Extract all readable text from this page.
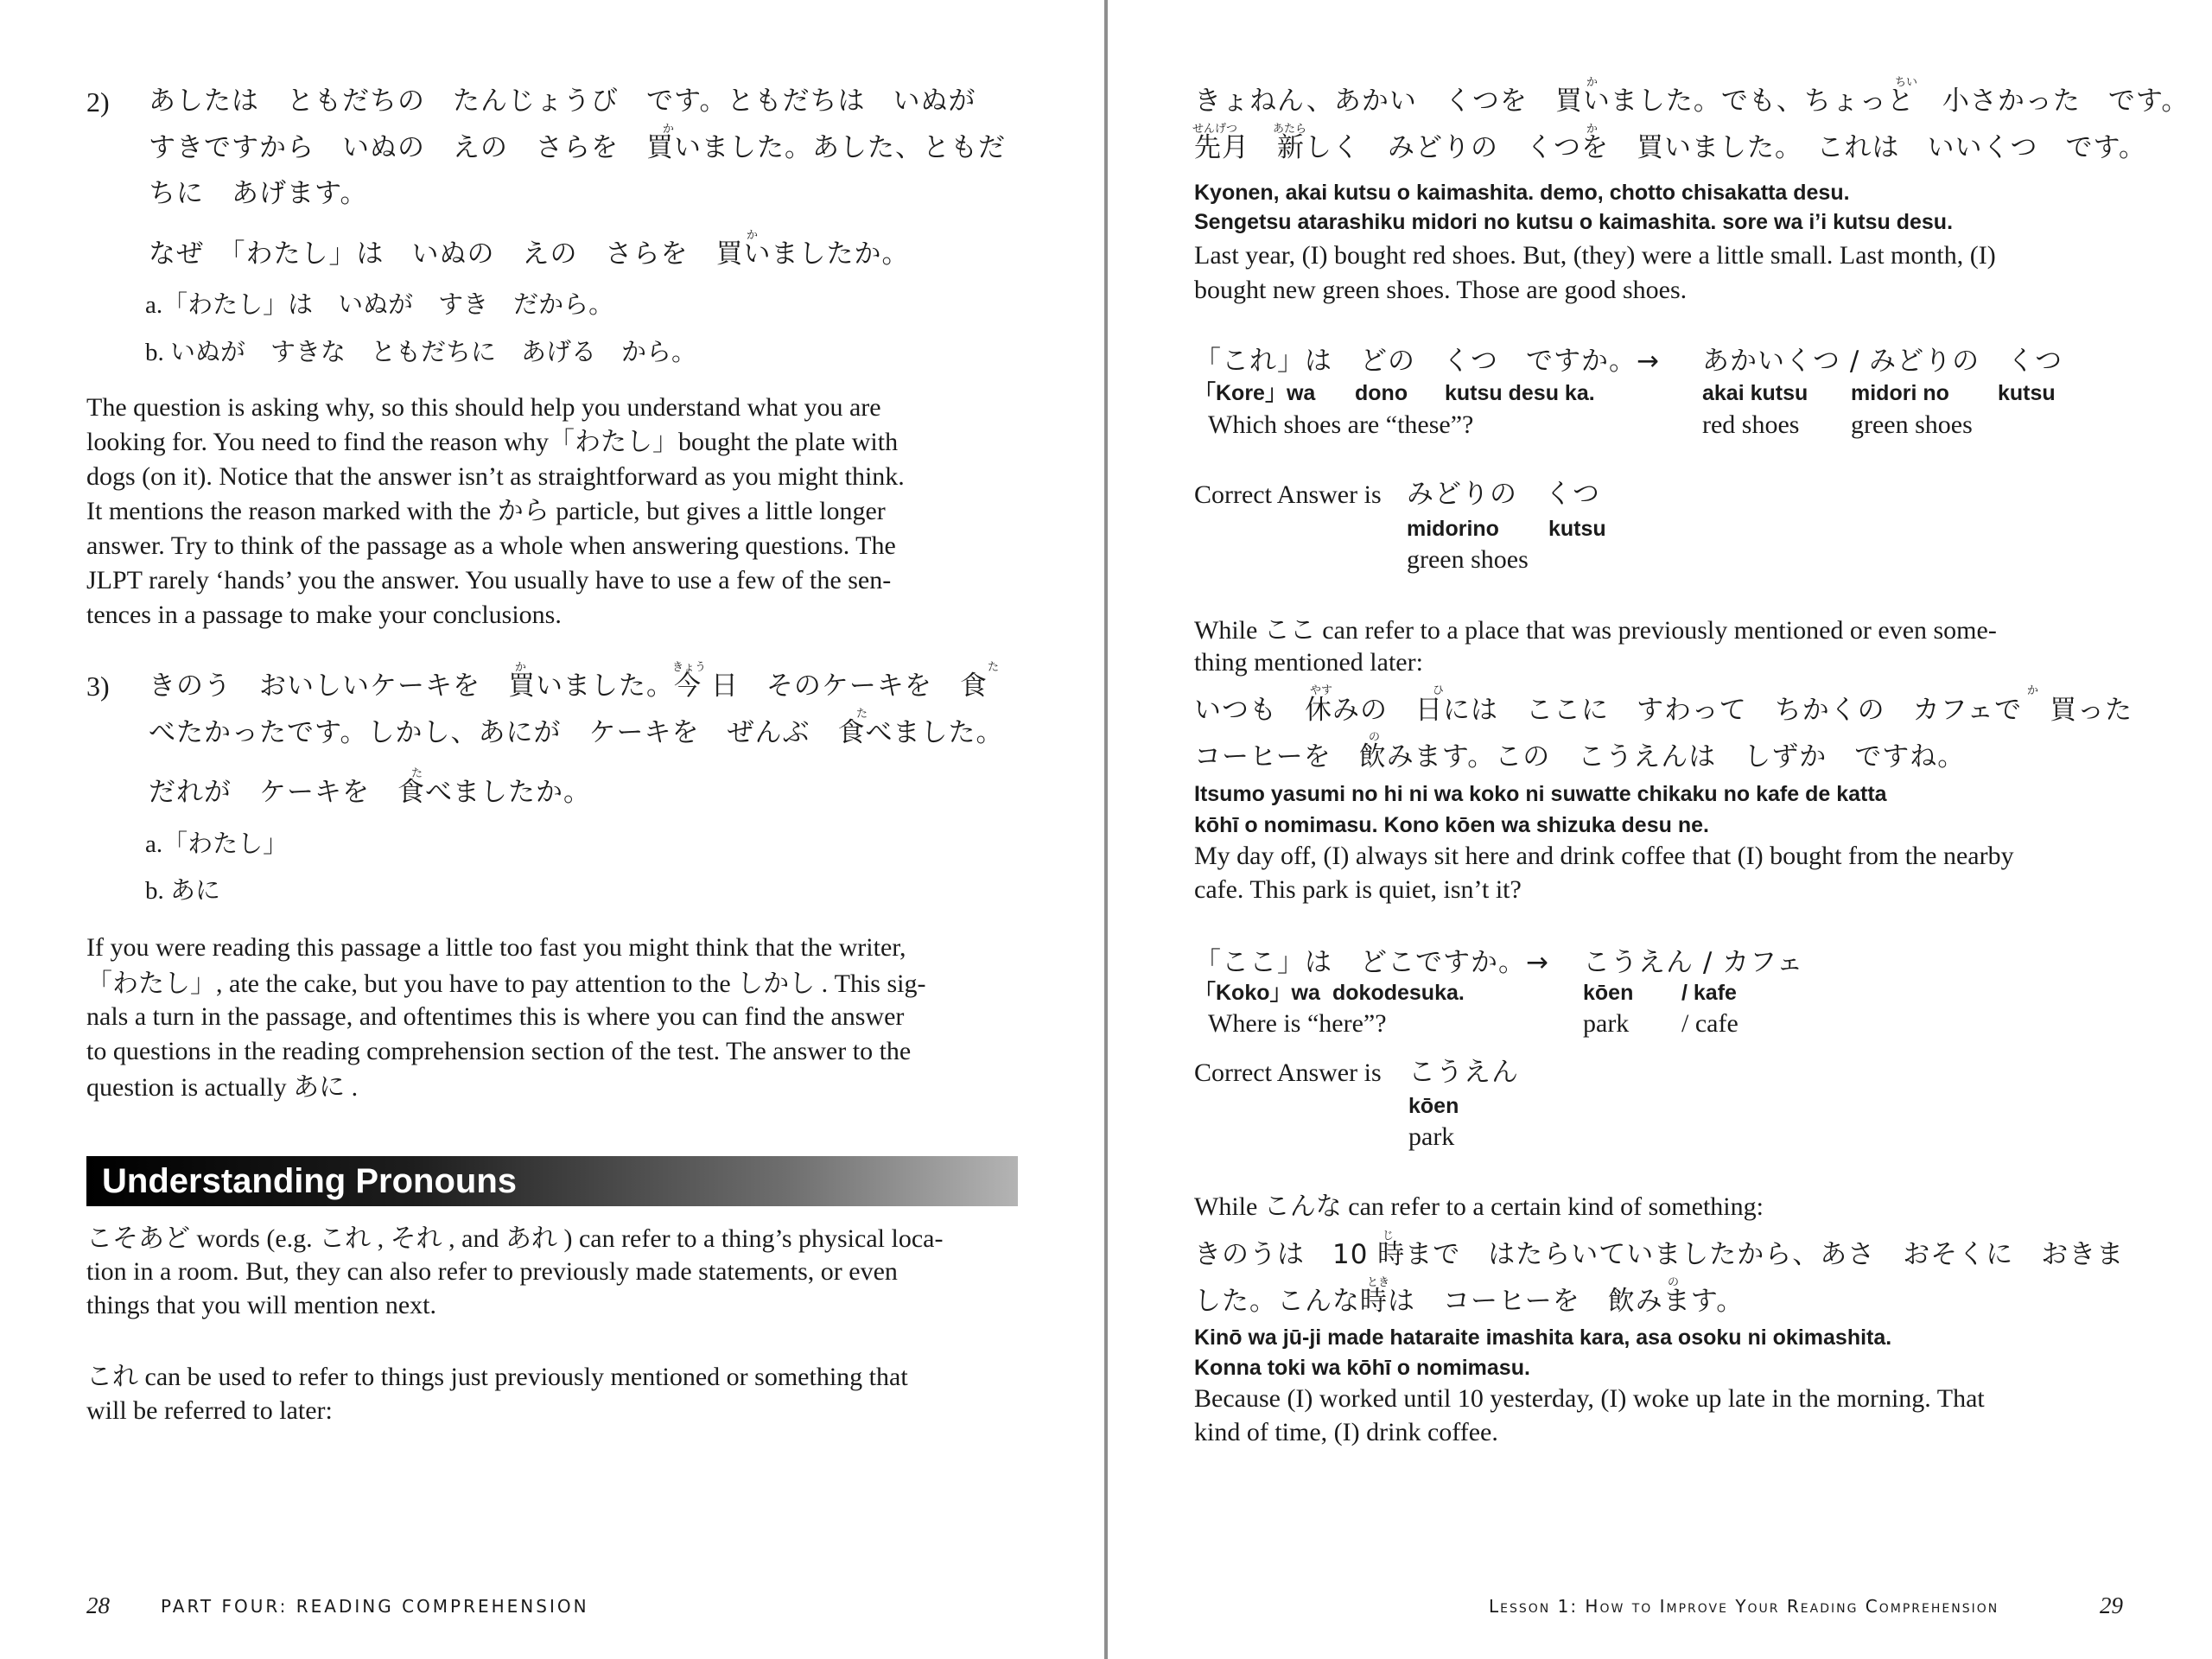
2)
か
あしたは　ともだちの　たんじょうび　です。ともだちは　いぬが
すきですから　いぬの　えの　さらを　買いました。あした、ともだ
ちに　あげます。
か
なぜ　「わたし」は　いぬの　えの　さらを　買いましたか。
a.「わたし」は　いぬが　すき　だから。
b. いぬが　すきな　ともだちに　あげる　から。
The question is asking why, so this should help you understand what you are
looking for. You need to find the reason why「わたし」bought the plate with
dogs (on it). Notice that the answer isn’t as straightforward as you might think.
It mentions the reason marked with the から particle, but gives a little longer
answer. Try to think of the passage as a whole when answering questions. The
JLPT rarely ‘hands’ you the answer. You usually have to use a few of the sen-
tences in a passage to make your conclusions.
3)
か	きょう	た
きのう　おいしいケーキを　買いました。今 日　そのケーキを　食
た
べたかったです。しかし、あにが　ケーキを　ぜんぶ　食べました。
た
だれが　ケーキを　食べましたか。
a.「わたし」
b. あに
If you were reading this passage a little too fast you might think that the writer,
「わたし」, ate the cake, but you have to pay attention to the しかし . This sig-
nals a turn in the passage, and oftentimes this is where you can find the answer
to questions in the reading comprehension section of the test. The answer to the
question is actually あに .
Understanding Pronouns
こそあど words (e.g. これ , それ , and あれ ) can refer to a thing’s physical loca-
tion in a room. But, they can also refer to previously made statements, or even
things that you will mention next.
これ can be used to refer to things just previously mentioned or something that
will be referred to later:
28	PART FOUR: READING COMPREHENSION
か	ちい
きょねん、あかい　くつを　買いました。でも、ちょっと　小さかった　です。
せんげつ	あたら	か
先月　新しく　みどりの　くつを　買いました。　これは　いいくつ　です。
Kyonen, akai kutsu o kaimashita. demo, chotto chisakatta desu.
Sengetsu atarashiku midori no kutsu o kaimashita. sore wa i’i kutsu desu.
Last year, (I) bought red shoes. But, (they) were a little small. Last month, (I)
bought new green shoes. Those are good shoes.
「これ」は　どの　くつ　ですか。→ あかいくつ / みどりの　くつ
「Kore」wa dono kutsu desu ka.	akai kutsu midori no kutsu
Which shoes are “these”?	red shoes green shoes
Correct Answer is みどりの　くつ
midorino kutsu
green shoes
While ここ can refer to a place that was previously mentioned or even some-
thing mentioned later:
やす	ひ	か
いつも　休みの　日には　ここに　すわって　ちかくの　カフェで　買った
の
コーヒーを　飲みます。この　こうえんは　しずか　ですね。
Itsumo yasumi no hi ni wa koko ni suwatte chikaku no kafe de katta
kōhī o nomimasu. Kono kōen wa shizuka desu ne.
My day off, (I) always sit here and drink coffee that (I) bought from the nearby
cafe. This park is quiet, isn’t it?
「ここ」は　どこですか。→ こうえん / カフェ
「Koko」wa dokodesuka.	kōen / kafe
Where is “here”?	park / cafe
Correct Answer is こうえん
kōen
park
While こんな can refer to a certain kind of something:
じ
きのうは　10 時まで　はたらいていましたから、あさ　おそくに　おきま
とき	の
した。こんな時は　コーヒーを　飲みます。
Kinō wa jū-ji made hataraite imashita kara, asa osoku ni okimashita.
Konna toki wa kōhī o nomimasu.
Because (I) worked until 10 yesterday, (I) woke up late in the morning. That
kind of time, (I) drink coffee.
Lesson 1: How to Improve Your Reading Comprehension	29
